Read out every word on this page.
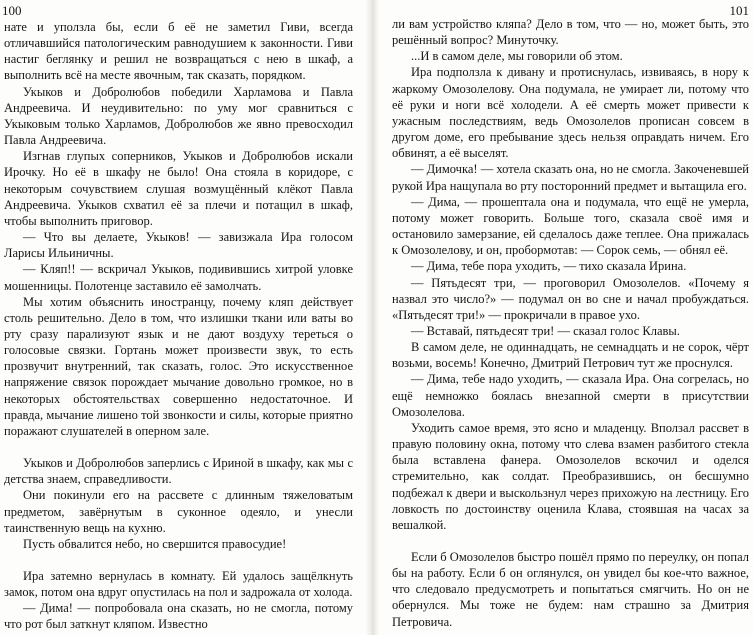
100	101

нате и уползла бы, если б её не заметил Гиви, всегда отличавшийся патологическим равнодушием к законности. Гиви настиг беглянку и решил не возвращаться с нею в шкаф, а выполнить всё на месте явочным, так сказать, порядком.

Укыков и Добролюбов победили Харламова и Павла Андреевича. И неудивительно: по уму мог сравниться с Укыковым только Харламов, Добролюбов же явно превосходил Павла Андреевича.

Изгнав глупых соперников, Укыков и Добролюбов искали Ирочку. Но её в шкафу не было! Она стояла в коридоре, с некоторым сочувствием слушая возмущённый клёкот Павла Андреевича. Укыков схватил её за плечи и потащил в шкаф, чтобы выполнить приговор.

— Что вы делаете, Укыков! — завизжала Ира голосом Ларисы Ильиничны.

— Кляп!! — вскричал Укыков, подивившись хитрой уловке мошенницы. Полотенце заставило её замолчать.

Мы хотим объяснить иностранцу, почему кляп действует столь решительно. Дело в том, что излишки ткани или ваты во рту сразу парализуют язык и не дают воздуху тереться о голосовые связки. Гортань может произвести звук, то есть прозвучит внутренний, так сказать, голос. Это искусственное напряжение связок порождает мычание довольно громкое, но в некоторых обстоятельствах совершенно недостаточное. И правда, мычание лишено той звонкости и силы, которые приятно поражают слушателей в оперном зале.

Укыков и Добролюбов заперлись с Ириной в шкафу, как мы с детства знаем, справедливости.

Они покинули его на рассвете с длинным тяжеловатым предметом, завёрнутым в суконное одеяло, и унесли таинственную вещь на кухню.

Пусть обвалится небо, но свершится правосудие!

Ира затемно вернулась в комнату. Ей удалось защёлкнуть замок, потом она вдруг опустилась на пол и задрожала от холода.

— Дима! — попробовала она сказать, но не смогла, потому что рот был заткнут кляпом. Известно

ли вам устройство кляпа? Дело в том, что — но, может быть, это решённый вопрос? Минуточку.

...И в самом деле, мы говорили об этом.

Ира подползла к дивану и протиснулась, извиваясь, в нору к жаркому Омозолелову. Она подумала, не умирает ли, потому что её руки и ноги всё холодели. А её смерть может привести к ужасным последствиям, ведь Омозолелов прописан совсем в другом доме, его пребывание здесь нельзя оправдать ничем. Его обвинят, а её выселят.

— Димочка! — хотела сказать она, но не смогла. Закоченевшей рукой Ира нащупала во рту посторонний предмет и вытащила его.

— Дима, — прошептала она и подумала, что ещё не умерла, потому может говорить. Больше того, сказала своё имя и остановило замерзание, ей сделалось даже теплее. Она прижалась к Омозолелову, и он, пробормотав: — Сорок семь, — обнял её.

— Дима, тебе пора уходить, — тихо сказала Ирина.

— Пятьдесят три, — проговорил Омозолелов. «Почему я назвал это число?» — подумал он во сне и начал пробуждаться. «Пятьдесят три!» — прокричали в правое ухо.

— Вставай, пятьдесят три! — сказал голос Клавы.

В самом деле, не одиннадцать, не семнадцать и не сорок, чёрт возьми, восемь! Конечно, Дмитрий Петрович тут же проснулся.

— Дима, тебе надо уходить, — сказала Ира. Она согрелась, но ещё немножко боялась внезапной смерти в присутствии Омозолелова.

Уходить самое время, это ясно и младенцу. Вползал рассвет в правую половину окна, потому что слева взамен разбитого стекла была вставлена фанера. Омозолелов вскочил и оделся стремительно, как солдат. Преобразившись, он бесшумно подбежал к двери и выскользнул через прихожую на лестницу. Его ловкость по достоинству оценила Клава, стоявшая на часах за вешалкой.

Если б Омозолелов быстро пошёл прямо по переулку, он попал бы на работу. Если б он оглянулся, он увидел бы кое-что важное, что следовало предусмотреть и попытаться смягчить. Но он не обернулся. Мы тоже не будем: нам страшно за Дмитрия Петровича.
